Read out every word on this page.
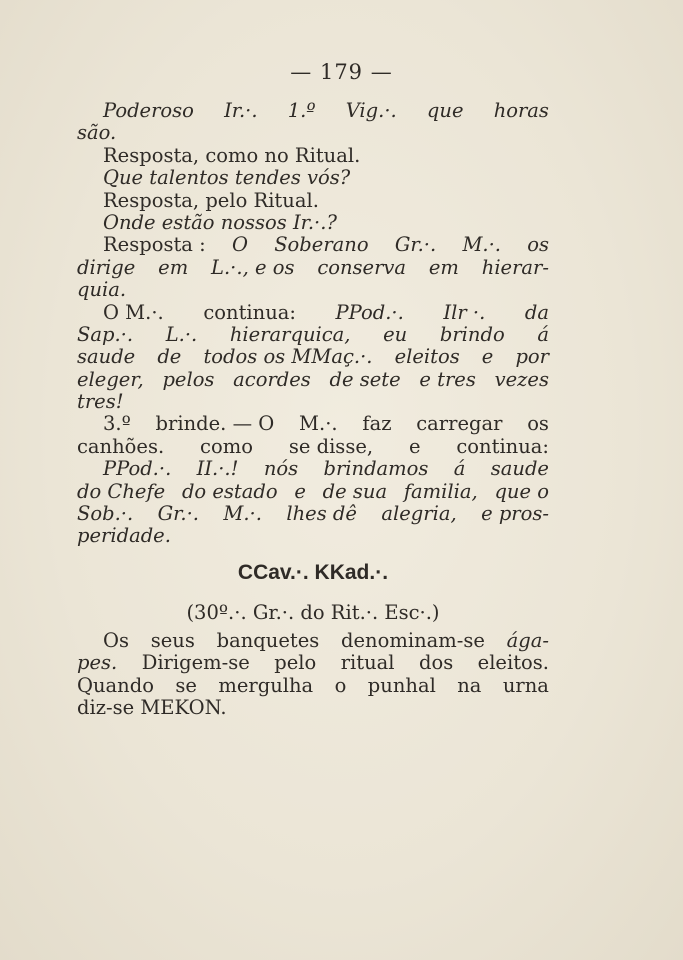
— 179 —
Poderoso Ir.·. 1.º Vig.·. que horas
são.
Resposta, como no Ritual.
Que talentos tendes vós?
Resposta, pelo Ritual.
Onde estão nossos Ir.·.?
Resposta : O Soberano Gr.·. M.·. os
dirige em L.·., e os conserva em hierar-
quia.
O M.·. continua: PPod.·. Ilr ·. da
Sap.·. L.·. hierarquica, eu brindo á
saude de todos os MMaç.·. eleitos e por
eleger, pelos acordes de sete e tres vezes
tres!
3.º brinde. — O M.·. faz carregar os
canhões. como se disse, e continua:
PPod.·. II.·.! nós brindamos á saude
do Chefe do estado e de sua familia, que o
Sob.·. Gr.·. M.·. lhes dê alegria, e pros-
peridade.
CCav.·. KKad.·.
(30º.·. Gr.·. do Rit.·. Esc·.)
Os seus banquetes denominam-se ága-
pes. Dirigem-se pelo ritual dos eleitos.
Quando se mergulha o punhal na urna
diz-se MEKON.
